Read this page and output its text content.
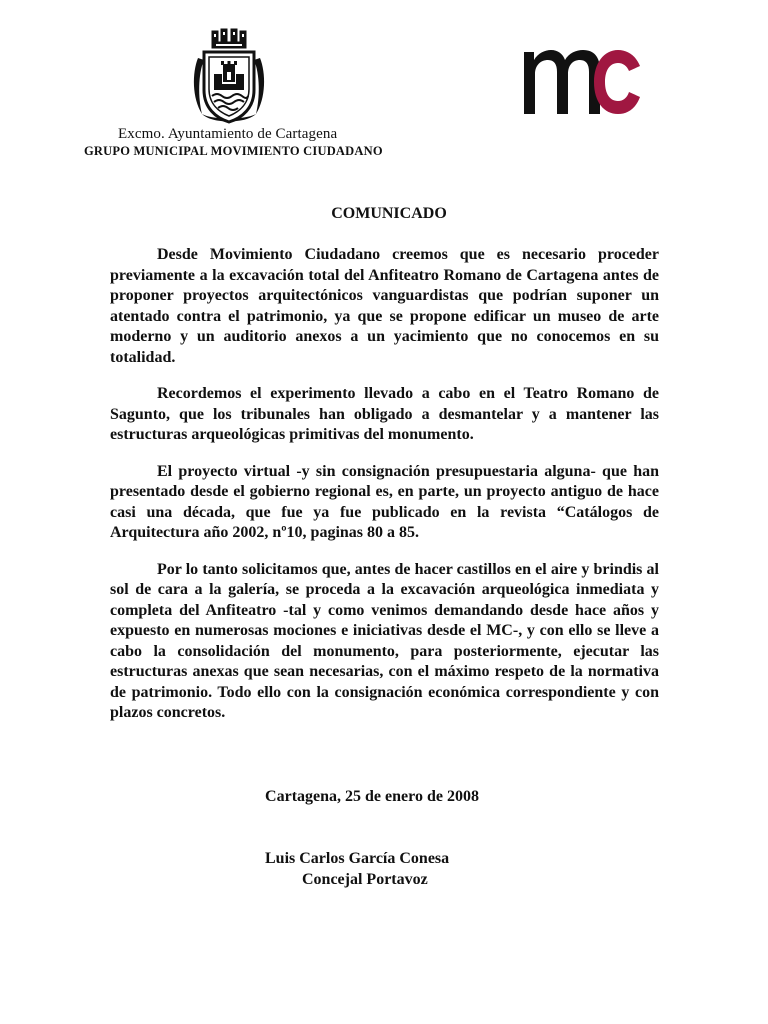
Excmo. Ayuntamiento de Cartagena
GRUPO MUNICIPAL MOVIMIENTO CIUDADANO
COMUNICADO

Desde Movimiento Ciudadano creemos que es necesario proceder previamente a la excavación total del Anfiteatro Romano de Cartagena antes de proponer proyectos arquitectónicos vanguardistas que podrían suponer un atentado contra el patrimonio, ya que se propone edificar un museo de arte moderno y un auditorio anexos a un yacimiento que no conocemos en su totalidad.

Recordemos el experimento llevado a cabo en el Teatro Romano de Sagunto, que los tribunales han obligado a desmantelar y a mantener las estructuras arqueológicas primitivas del monumento.

El proyecto virtual -y sin consignación presupuestaria alguna- que han presentado desde el gobierno regional es, en parte, un proyecto antiguo de hace casi una década, que fue ya fue publicado en la revista “Catálogos de Arquitectura año 2002, nº10, paginas 80 a 85.

Por lo tanto solicitamos que, antes de hacer castillos en el aire y brindis al sol de cara a la galería, se proceda a la excavación arqueológica inmediata y completa del Anfiteatro -tal y como venimos demandando desde hace años y expuesto en numerosas mociones e iniciativas desde el MC-, y con ello se lleve a cabo la consolidación del monumento, para posteriormente, ejecutar las estructuras anexas que sean necesarias, con el máximo respeto de la normativa de patrimonio. Todo ello con la consignación económica correspondiente y con plazos concretos.

Cartagena, 25 de enero de 2008
Luis Carlos García Conesa
Concejal Portavoz
